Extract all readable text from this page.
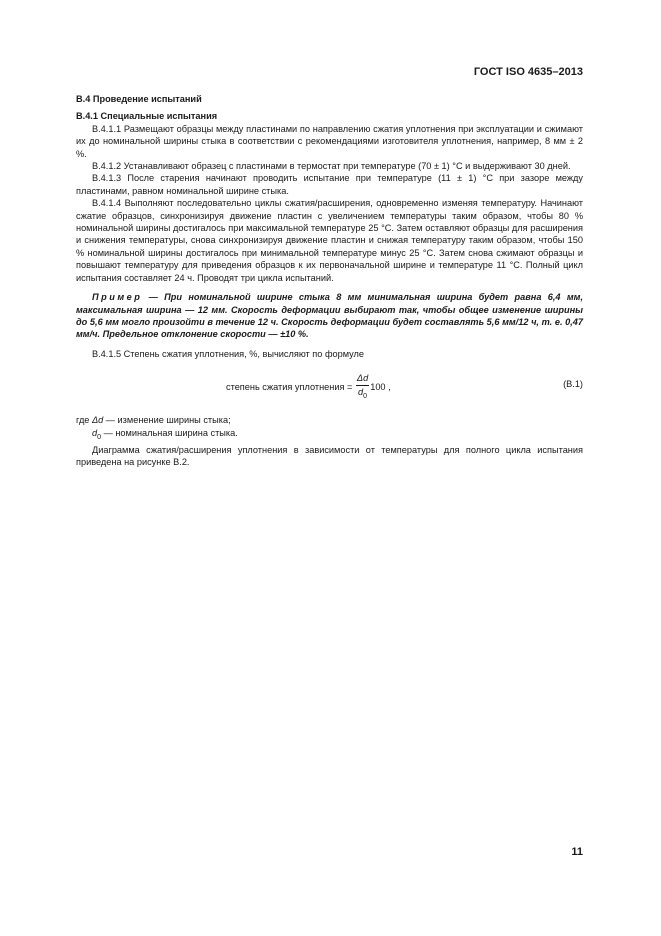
ГОСТ ISO 4635–2013
В.4 Проведение испытаний
В.4.1 Специальные испытания

В.4.1.1 Размещают образцы между пластинами по направлению сжатия уплотнения при эксплуатации и сжимают их до номинальной ширины стыка в соответствии с рекомендациями изготовителя уплотнения, например, 8 мм ± 2 %.

В.4.1.2 Устанавливают образец с пластинами в термостат при температуре (70 ± 1) °С и выдерживают 30 дней.

В.4.1.3 После старения начинают проводить испытание при температуре (11 ± 1) °С при зазоре между пластинами, равном номинальной ширине стыка.

В.4.1.4 Выполняют последовательно циклы сжатия/расширения, одновременно изменяя температуру. Начинают сжатие образцов, синхронизируя движение пластин с увеличением температуры таким образом, чтобы 80 % номинальной ширины достигалось при максимальной температуре 25 °С. Затем оставляют образцы для расширения и снижения температуры, снова синхронизируя движение пластин и снижая температуру таким образом, чтобы 150 % номинальной ширины достигалось при минимальной температуре минус 25 °С. Затем снова сжимают образцы и повышают температуру для приведения образцов к их первоначальной ширине и температуре 11 °С. Полный цикл испытания составляет 24 ч. Проводят три цикла испытаний.

Пример — При номинальной ширине стыка 8 мм минимальная ширина будет равна 6,4 мм, максимальная ширина — 12 мм. Скорость деформации выбирают так, чтобы общее изменение ширины до 5,6 мм могло произойти в течение 12 ч. Скорость деформации будет составлять 5,6 мм/12 ч, т. е. 0,47 мм/ч. Предельное отклонение скорости — ±10 %.

В.4.1.5 Степень сжатия уплотнения, %, вычисляют по формуле

степень сжатия уплотнения = $\frac{\Delta d}{d_0} 100$ ,	(В.1)

где Δd — изменение ширины стыка;

$d_0$ — номинальная ширина стыка.

Диаграмма сжатия/расширения уплотнения в зависимости от температуры для полного цикла испытания приведена на рисунке В.2.

11
